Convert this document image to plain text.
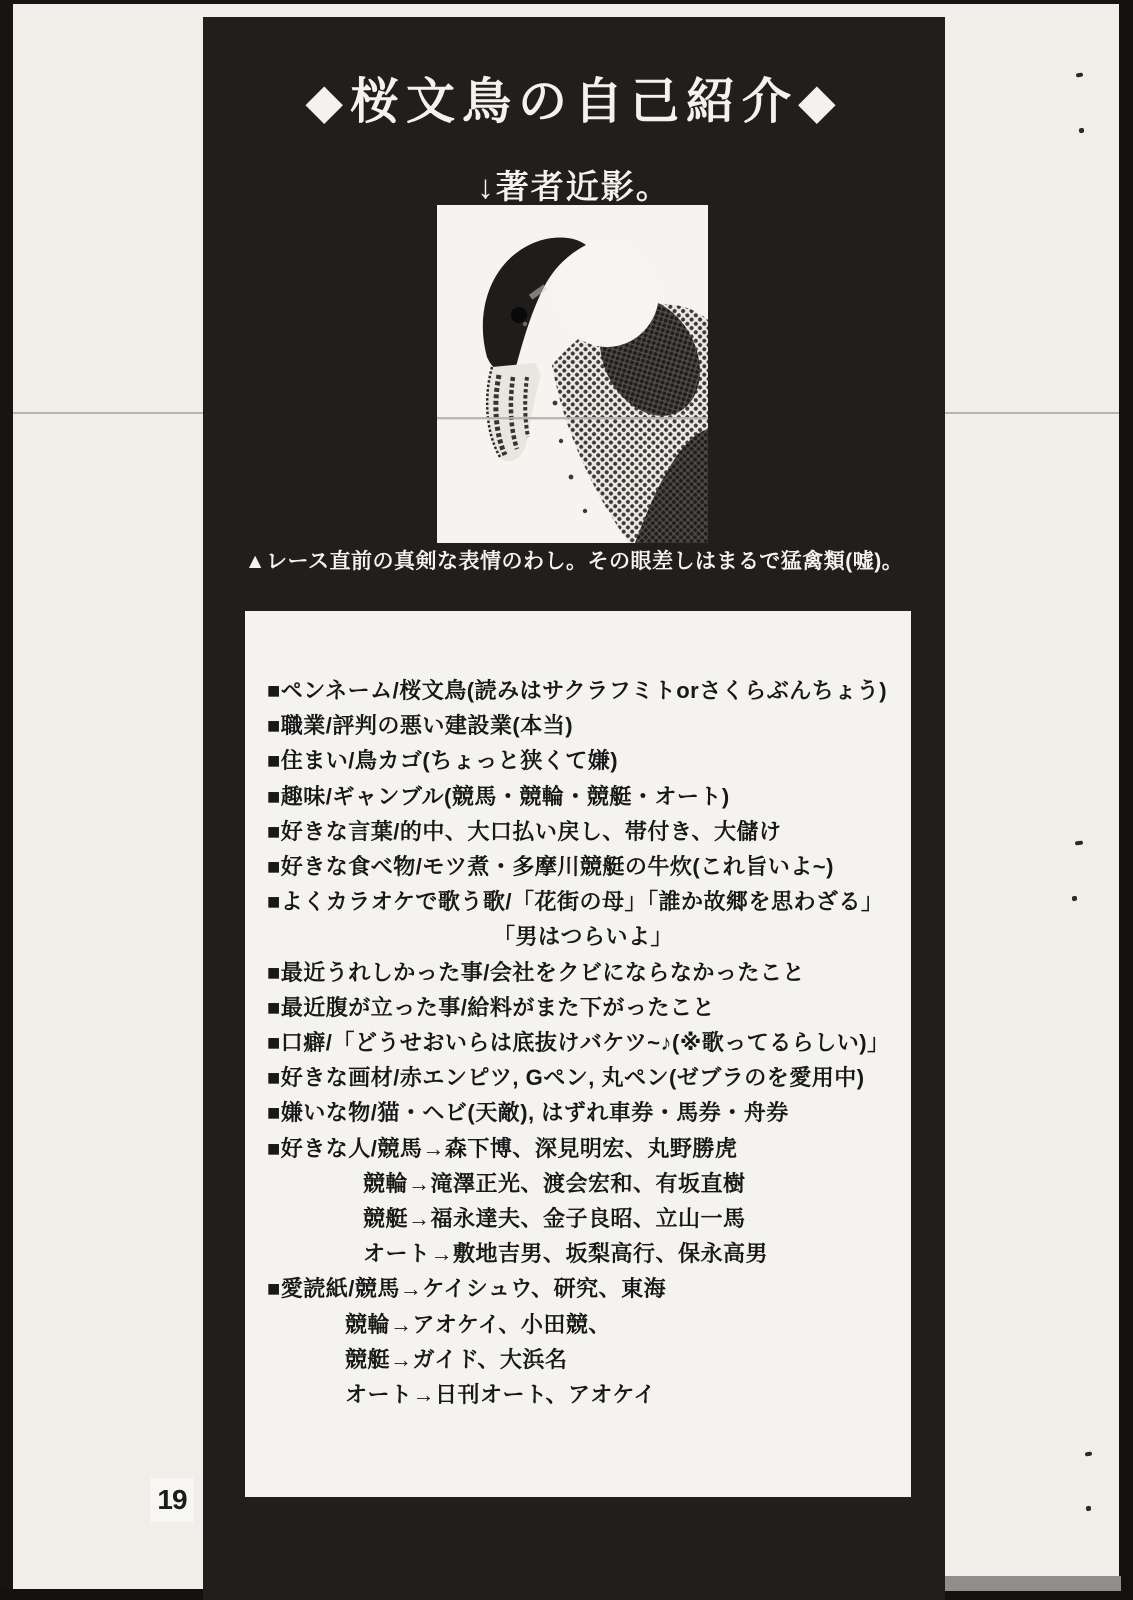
19
◆桜文鳥の自己紹介◆
↓著者近影。
▲レース直前の真剣な表情のわし。その眼差しはまるで猛禽類(嘘)。
■ペンネーム/桜文鳥(読みはサクラフミトorさくらぶんちょう)
■職業/評判の悪い建設業(本当)
■住まい/鳥カゴ(ちょっと狭くて嫌)
■趣味/ギャンブル(競馬・競輪・競艇・オート)
■好きな言葉/的中、大口払い戻し、帯付き、大儲け
■好きな食べ物/モツ煮・多摩川競艇の牛炊(これ旨いよ~)
■よくカラオケで歌う歌/「花街の母」「誰か故郷を思わざる」
「男はつらいよ」
■最近うれしかった事/会社をクビにならなかったこと
■最近腹が立った事/給料がまた下がったこと
■口癖/「どうせおいらは底抜けバケツ~♪(※歌ってるらしい)」
■好きな画材/赤エンピツ, Gペン, 丸ペン(ゼブラのを愛用中)
■嫌いな物/猫・ヘビ(天敵), はずれ車券・馬券・舟券
■好きな人/競馬→森下博、深見明宏、丸野勝虎
競輪→滝澤正光、渡会宏和、有坂直樹
競艇→福永達夫、金子良昭、立山一馬
オート→敷地吉男、坂梨高行、保永高男
■愛読紙/競馬→ケイシュウ、研究、東海
競輪→アオケイ、小田競、
競艇→ガイド、大浜名
オート→日刊オート、アオケイ
